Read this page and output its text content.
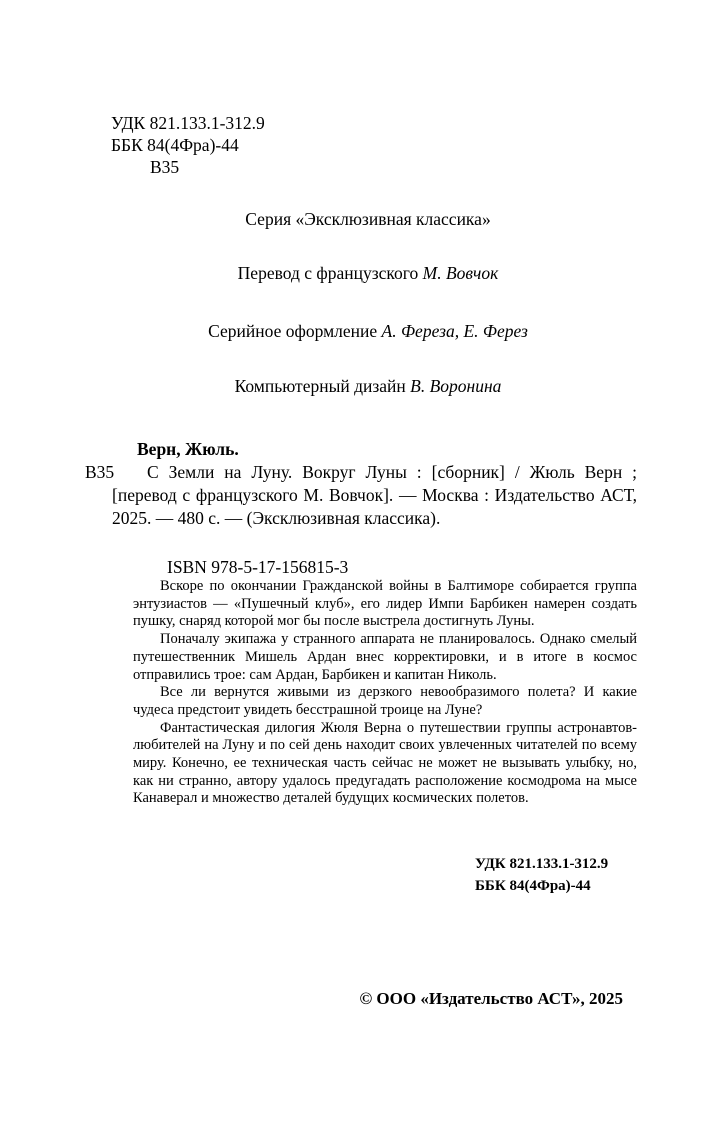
УДК 821.133.1-312.9
ББК 84(4Фра)-44
В35
Серия «Эксклюзивная классика»
Перевод с французского М. Вовчок
Серийное оформление А. Фереза, Е. Ферез
Компьютерный дизайн В. Воронина
Верн, Жюль.
В35	С Земли на Луну. Вокруг Луны : [сборник] / Жюль Верн ; [перевод с французского М. Вовчок]. — Москва : Издательство АСТ, 2025. — 480 с. — (Эксклюзивная классика).

ISBN 978-5-17-156815-3

Вскоре по окончании Гражданской войны в Балтиморе собирается группа энтузиастов — «Пушечный клуб», его лидер Импи Барбикен намерен создать пушку, снаряд которой мог бы после выстрела достигнуть Луны.

Поначалу экипажа у странного аппарата не планировалось. Однако смелый путешественник Мишель Ардан внес корректировки, и в итоге в космос отправились трое: сам Ардан, Барбикен и капитан Николь.

Все ли вернутся живыми из дерзкого невообразимого полета? И какие чудеса предстоит увидеть бесстрашной троице на Луне?

Фантастическая дилогия Жюля Верна о путешествии группы астронавтов-любителей на Луну и по сей день находит своих увлеченных читателей по всему миру. Конечно, ее техническая часть сейчас не может не вызывать улыбку, но, как ни странно, автору удалось предугадать расположение космодрома на мысе Канаверал и множество деталей будущих космических полетов.

УДК 821.133.1-312.9
ББК 84(4Фра)-44
© ООО «Издательство АСТ», 2025
